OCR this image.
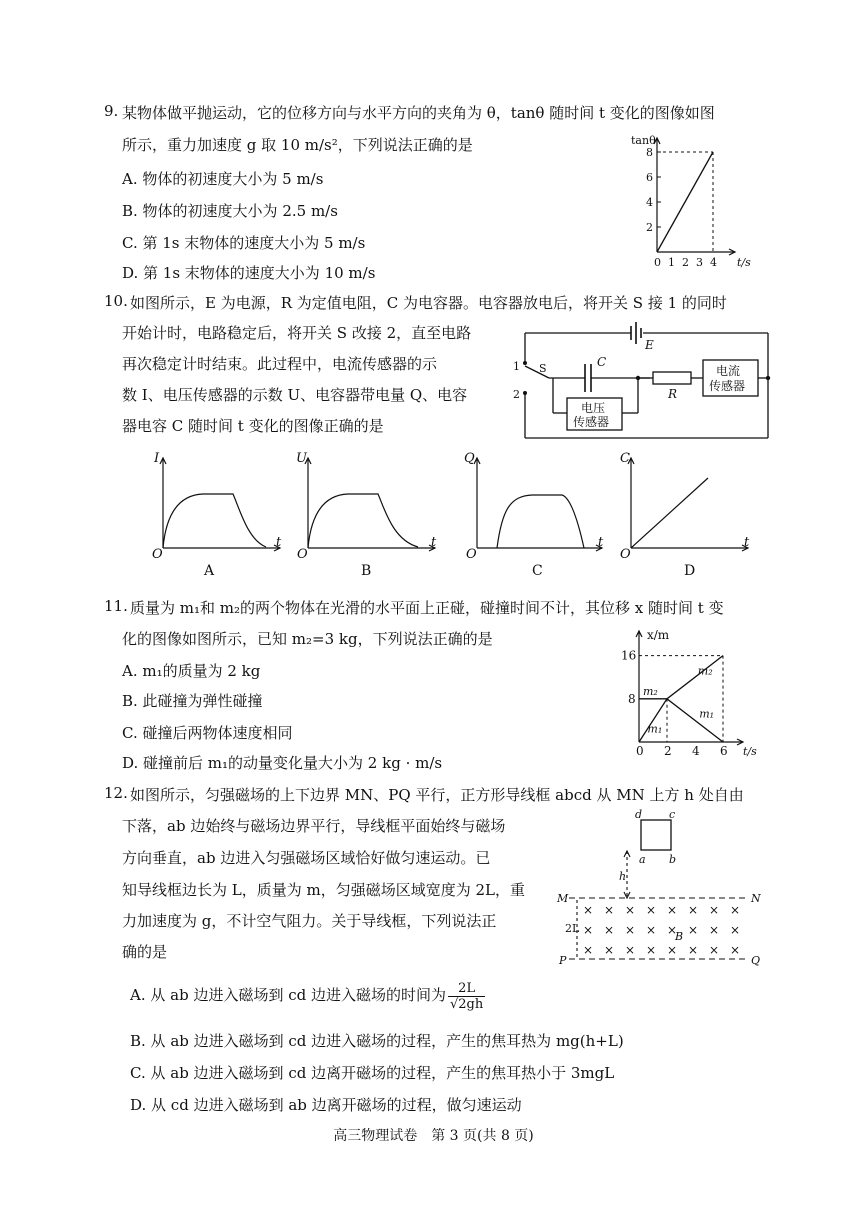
9. 某物体做平抛运动，它的位移方向与水平方向的夹角为 θ，tanθ 随时间 t 变化的图像如图
所示，重力加速度 g 取 10 m/s²，下列说法正确的是
A. 物体的初速度大小为 5 m/s
B. 物体的初速度大小为 2.5 m/s
C. 第 1s 末物体的速度大小为 5 m/s
D. 第 1s 末物体的速度大小为 10 m/s
2
4
6
8
0 1 2 3 4
tanθ
t/s
10. 如图所示，E 为电源，R 为定值电阻，C 为电容器。电容器放电后，将开关 S 接 1 的同时
开始计时，电路稳定后，将开关 S 改接 2，直至电路
再次稳定计时结束。此过程中，电流传感器的示
数 I、电压传感器的示数 U、电容器带电量 Q、电容
器电容 C 随时间 t 变化的图像正确的是
E
C
R
S
1
2
电流
传感器
电压
传感器
I
t
O
A
U
t
O
B
Q
t
O
C
C
t
O
D
11. 质量为 m₁和 m₂的两个物体在光滑的水平面上正碰，碰撞时间不计，其位移 x 随时间 t 变
化的图像如图所示，已知 m₂=3 kg，下列说法正确的是
A. m₁的质量为 2 kg
B. 此碰撞为弹性碰撞
C. 碰撞后两物体速度相同
D. 碰撞前后 m₁的动量变化量大小为 2 kg · m/s
8
16
0 2 4 6
m₂
m₂
m₁
m₁
x/m
t/s
12. 如图所示，匀强磁场的上下边界 MN、PQ 平行，正方形导线框 abcd 从 MN 上方 h 处自由
下落，ab 边始终与磁场边界平行，导线框平面始终与磁场
方向垂直，ab 边进入匀强磁场区域恰好做匀速运动。已
知导线框边长为 L，质量为 m，匀强磁场区域宽度为 2L，重
力加速度为 g，不计空气阻力。关于导线框，下列说法正
确的是
A. 从 ab 边进入磁场到 cd 边进入磁场的时间为 $\frac{2L}{√2gh}$
B. 从 ab 边进入磁场到 cd 边进入磁场的过程，产生的焦耳热为 mg(h+L)
C. 从 ab 边进入磁场到 cd 边离开磁场的过程，产生的焦耳热小于 3mgL
D. 从 cd 边进入磁场到 ab 边离开磁场的过程，做匀速运动
d c
a b
h
M	N
P	Q
2L
B
× × × × × × × ×
× × × × × × × ×
× × × × × × × ×
高三物理试卷　第 3 页(共 8 页)
